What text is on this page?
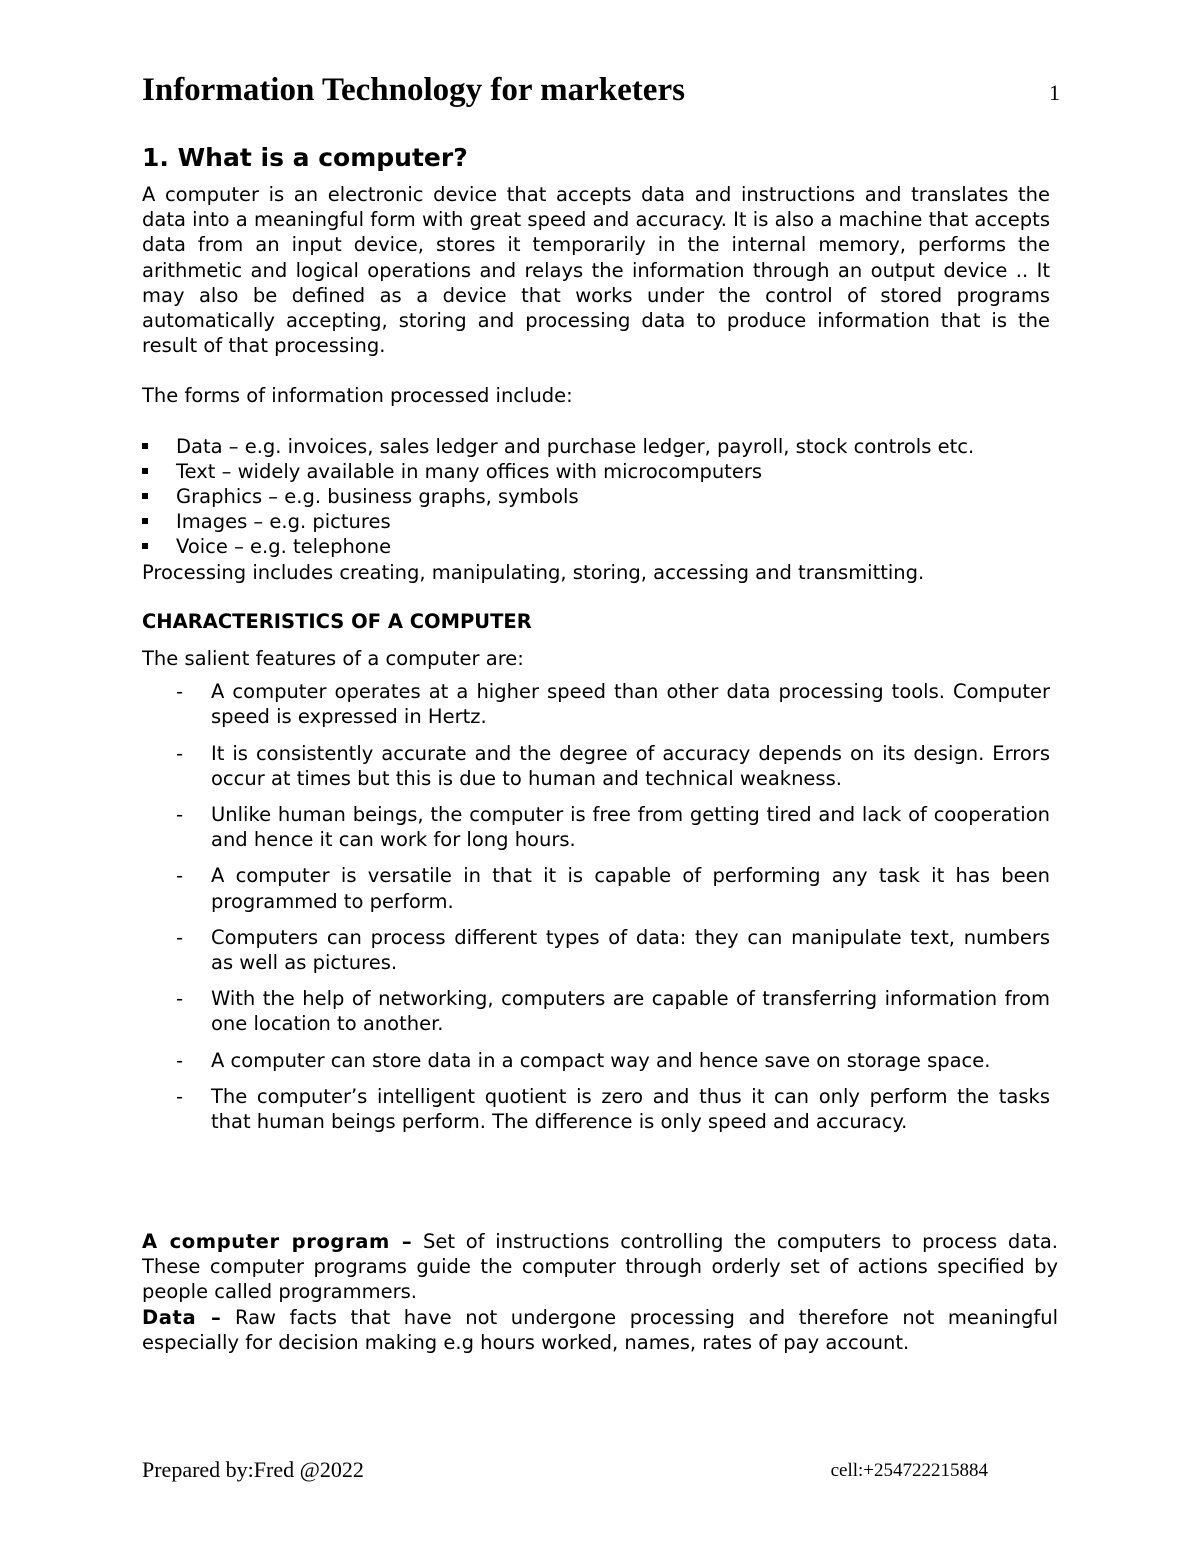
Information Technology for marketers	1
1. What is a computer?

A computer is an electronic device that accepts data and instructions and translates the data into a meaningful form with great speed and accuracy. It is also a machine that accepts data from an input device, stores it temporarily in the internal memory, performs the arithmetic and logical operations and relays the information through an output device .. It may also be defined as a device that works under the control of stored programs automatically accepting, storing and processing data to produce information that is the result of that processing.

The forms of information processed include:

Data – e.g. invoices, sales ledger and purchase ledger, payroll, stock controls etc.
Text – widely available in many offices with microcomputers
Graphics – e.g. business graphs, symbols
Images – e.g. pictures
Voice – e.g. telephone

Processing includes creating, manipulating, storing, accessing and transmitting.

CHARACTERISTICS OF A COMPUTER

The salient features of a computer are:

- A computer operates at a higher speed than other data processing tools. Computer speed is expressed in Hertz.
- It is consistently accurate and the degree of accuracy depends on its design. Errors occur at times but this is due to human and technical weakness.
- Unlike human beings, the computer is free from getting tired and lack of cooperation and hence it can work for long hours.
- A computer is versatile in that it is capable of performing any task it has been programmed to perform.
- Computers can process different types of data: they can manipulate text, numbers as well as pictures.
- With the help of networking, computers are capable of transferring information from one location to another.
- A computer can store data in a compact way and hence save on storage space.
- The computer’s intelligent quotient is zero and thus it can only perform the tasks that human beings perform. The difference is only speed and accuracy.

A computer program – Set of instructions controlling the computers to process data. These computer programs guide the computer through orderly set of actions specified by people called programmers.

Data – Raw facts that have not undergone processing and therefore not meaningful especially for decision making e.g hours worked, names, rates of pay account.

Prepared by:Fred @2022	cell:+254722215884
